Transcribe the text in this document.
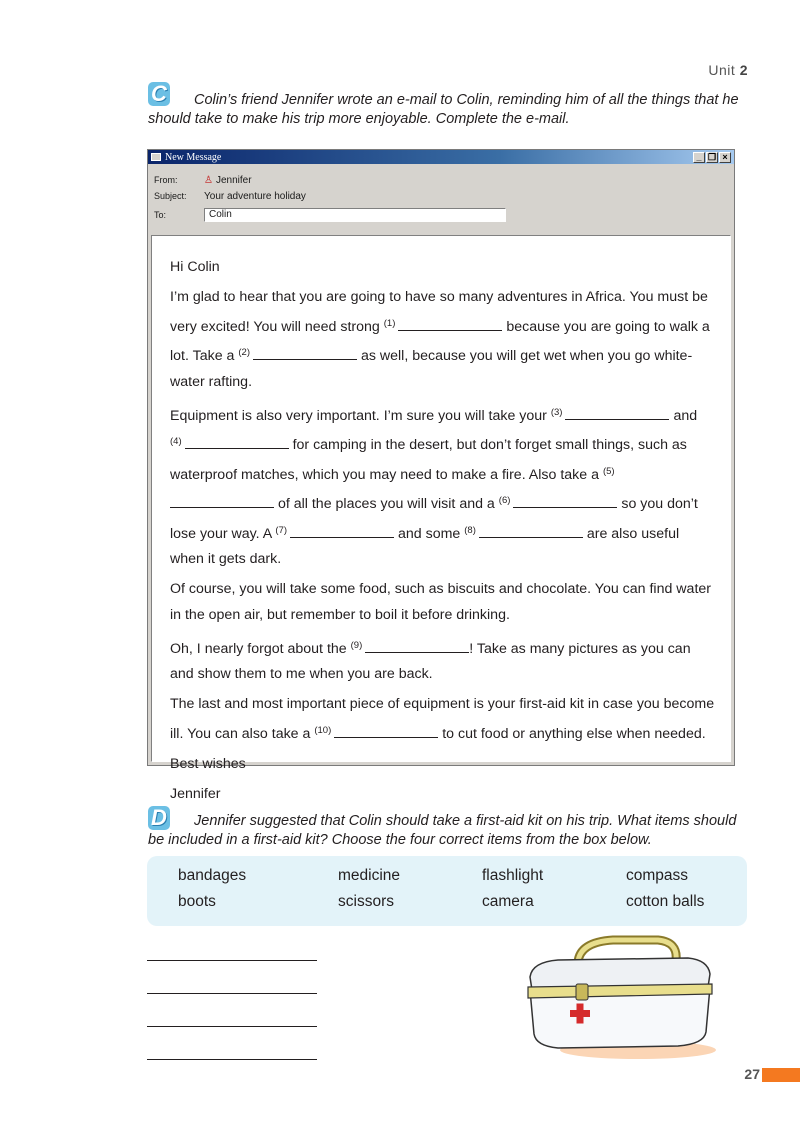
Unit 2
C	Colin’s friend Jennifer wrote an e-mail to Colin, reminding him of all the things that he should take to make his trip more enjoyable. Complete the e-mail.
New Message	_ ❐ ×
From:	♙ Jennifer
Subject:	Your adventure holiday
To:	Colin

Hi Colin

I’m glad to hear that you are going to have so many adventures in Africa. You must be very excited! You will need strong $^{(1)}$	because you are going to walk a lot. Take a $^{(2)}$	as well, because you will get wet when you go white-water rafting.

Equipment is also very important. I’m sure you will take your $^{(3)}$	and $^{(4)}$	for camping in the desert, but don’t forget small things, such as waterproof matches, which you may need to make a fire. Also take a $^{(5)}$ of all the places you will visit and a $^{(6)}$	so you don’t lose your way. A $^{(7)}$	and some $^{(8)}$	are also useful when it gets dark.

Of course, you will take some food, such as biscuits and chocolate. You can find water in the open air, but remember to boil it before drinking.

Oh, I nearly forgot about the $^{(9)}$	! Take as many pictures as you can and show them to me when you are back.

The last and most important piece of equipment is your first-aid kit in case you become ill. You can also take a $^{(10)}$	to cut food or anything else when needed.

Best wishes

Jennifer

D	Jennifer suggested that Colin should take a first-aid kit on his trip. What items should be included in a first-aid kit? Choose the four correct items from the box below.
bandages	medicine	flashlight	compass
boots	scissors	camera	cotton balls
27
